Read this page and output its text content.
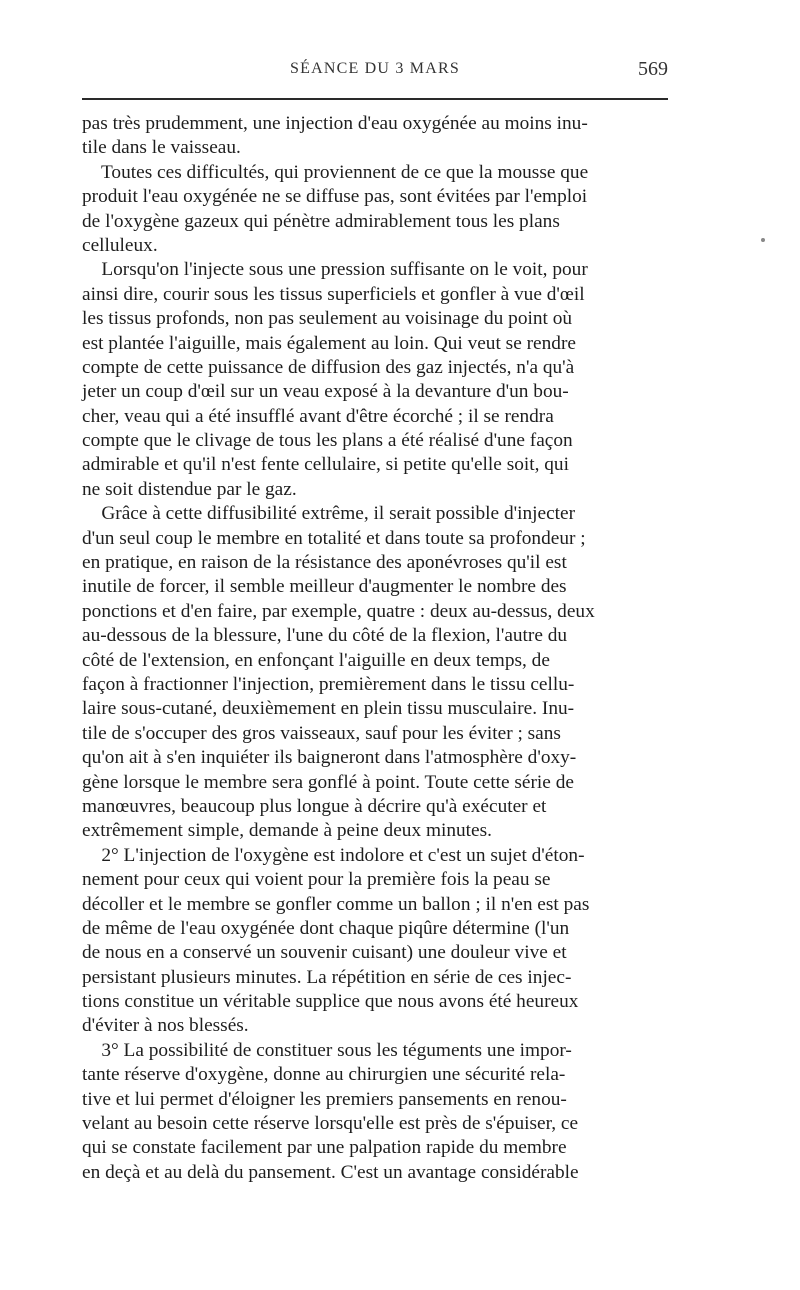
SÉANCE DU 3 MARS	569
pas très prudemment, une injection d'eau oxygénée au moins inu-
tile dans le vaisseau.
Toutes ces difficultés, qui proviennent de ce que la mousse que
produit l'eau oxygénée ne se diffuse pas, sont évitées par l'emploi
de l'oxygène gazeux qui pénètre admirablement tous les plans
celluleux.
Lorsqu'on l'injecte sous une pression suffisante on le voit, pour
ainsi dire, courir sous les tissus superficiels et gonfler à vue d'œil
les tissus profonds, non pas seulement au voisinage du point où
est plantée l'aiguille, mais également au loin. Qui veut se rendre
compte de cette puissance de diffusion des gaz injectés, n'a qu'à
jeter un coup d'œil sur un veau exposé à la devanture d'un bou-
cher, veau qui a été insufflé avant d'être écorché ; il se rendra
compte que le clivage de tous les plans a été réalisé d'une façon
admirable et qu'il n'est fente cellulaire, si petite qu'elle soit, qui
ne soit distendue par le gaz.
Grâce à cette diffusibilité extrême, il serait possible d'injecter
d'un seul coup le membre en totalité et dans toute sa profondeur ;
en pratique, en raison de la résistance des aponévroses qu'il est
inutile de forcer, il semble meilleur d'augmenter le nombre des
ponctions et d'en faire, par exemple, quatre : deux au-dessus, deux
au-dessous de la blessure, l'une du côté de la flexion, l'autre du
côté de l'extension, en enfonçant l'aiguille en deux temps, de
façon à fractionner l'injection, premièrement dans le tissu cellu-
laire sous-cutané, deuxièmement en plein tissu musculaire. Inu-
tile de s'occuper des gros vaisseaux, sauf pour les éviter ; sans
qu'on ait à s'en inquiéter ils baigneront dans l'atmosphère d'oxy-
gène lorsque le membre sera gonflé à point. Toute cette série de
manœuvres, beaucoup plus longue à décrire qu'à exécuter et
extrêmement simple, demande à peine deux minutes.
2° L'injection de l'oxygène est indolore et c'est un sujet d'éton-
nement pour ceux qui voient pour la première fois la peau se
décoller et le membre se gonfler comme un ballon ; il n'en est pas
de même de l'eau oxygénée dont chaque piqûre détermine (l'un
de nous en a conservé un souvenir cuisant) une douleur vive et
persistant plusieurs minutes. La répétition en série de ces injec-
tions constitue un véritable supplice que nous avons été heureux
d'éviter à nos blessés.
3° La possibilité de constituer sous les téguments une impor-
tante réserve d'oxygène, donne au chirurgien une sécurité rela-
tive et lui permet d'éloigner les premiers pansements en renou-
velant au besoin cette réserve lorsqu'elle est près de s'épuiser, ce
qui se constate facilement par une palpation rapide du membre
en deçà et au delà du pansement. C'est un avantage considérable
